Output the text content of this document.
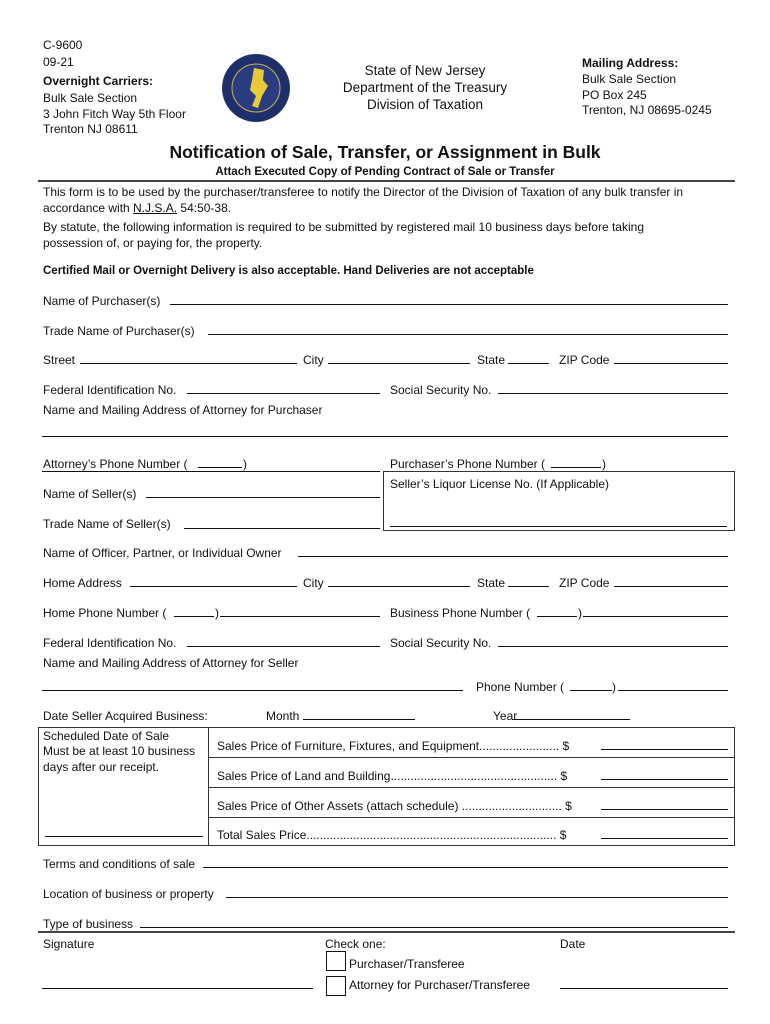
C-9600
09-21
Overnight Carriers:
Bulk Sale Section
3 John Fitch Way 5th Floor
Trenton NJ 08611
State of New Jersey
Department of the Treasury
Division of Taxation
Mailing Address:
Bulk Sale Section
PO Box 245
Trenton, NJ 08695-0245
Notification of Sale, Transfer, or Assignment in Bulk
Attach Executed Copy of Pending Contract of Sale or Transfer
This form is to be used by the purchaser/transferee to notify the Director of the Division of Taxation of any bulk transfer in
accordance with N.J.S.A. 54:50-38.
By statute, the following information is required to be submitted by registered mail 10 business days before taking
possession of, or paying for, the property.
Certified Mail or Overnight Delivery is also acceptable. Hand Deliveries are not acceptable
Name of Purchaser(s)
Trade Name of Purchaser(s)
Street	City	State	ZIP Code
Federal Identification No.	Social Security No.
Name and Mailing Address of Attorney for Purchaser
Attorney’s Phone Number (	)	Purchaser’s Phone Number (	)
Seller’s Liquor License No. (If Applicable)
Name of Seller(s)
Trade Name of Seller(s)
Name of Officer, Partner, or Individual Owner
Home Address	City	State	ZIP Code
Home Phone Number (	)	Business Phone Number (	)
Federal Identification No.	Social Security No.
Name and Mailing Address of Attorney for Seller
Phone Number (	)
Date Seller Acquired Business:	Month	Year
Scheduled Date of Sale
Must be at least 10 business
days after our receipt.
Sales Price of Furniture, Fixtures, and Equipment........................ $
Sales Price of Land and Building.................................................. $
Sales Price of Other Assets (attach schedule) .............................. $
Total Sales Price........................................................................... $
Terms and conditions of sale
Location of business or property
Type of business
Signature	Check one:	Date
Purchaser/Transferee
Attorney for Purchaser/Transferee
